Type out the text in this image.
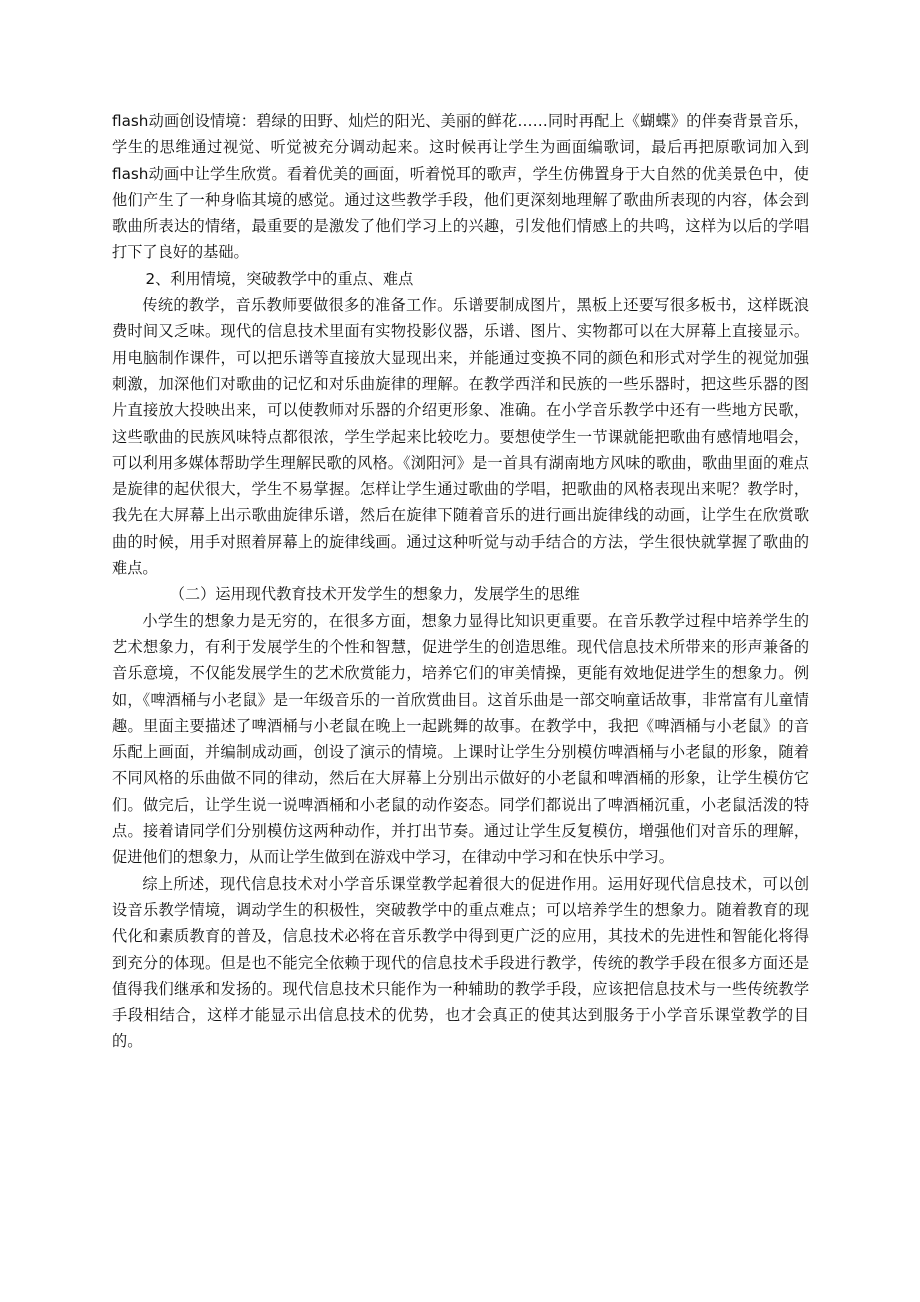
flash动画创设情境：碧绿的田野、灿烂的阳光、美丽的鲜花……同时再配上《蝴蝶》的伴奏背景音乐，学生的思维通过视觉、听觉被充分调动起来。这时候再让学生为画面编歌词，最后再把原歌词加入到flash动画中让学生欣赏。看着优美的画面，听着悦耳的歌声，学生仿佛置身于大自然的优美景色中，使他们产生了一种身临其境的感觉。通过这些教学手段，他们更深刻地理解了歌曲所表现的内容，体会到歌曲所表达的情绪，最重要的是激发了他们学习上的兴趣，引发他们情感上的共鸣，这样为以后的学唱打下了良好的基础。

2、利用情境，突破教学中的重点、难点

传统的教学，音乐教师要做很多的准备工作。乐谱要制成图片，黑板上还要写很多板书，这样既浪费时间又乏味。现代的信息技术里面有实物投影仪器，乐谱、图片、实物都可以在大屏幕上直接显示。用电脑制作课件，可以把乐谱等直接放大显现出来，并能通过变换不同的颜色和形式对学生的视觉加强刺激，加深他们对歌曲的记忆和对乐曲旋律的理解。在教学西洋和民族的一些乐器时，把这些乐器的图片直接放大投映出来，可以使教师对乐器的介绍更形象、准确。在小学音乐教学中还有一些地方民歌，这些歌曲的民族风味特点都很浓，学生学起来比较吃力。要想使学生一节课就能把歌曲有感情地唱会，可以利用多媒体帮助学生理解民歌的风格。《浏阳河》是一首具有湖南地方风味的歌曲，歌曲里面的难点是旋律的起伏很大，学生不易掌握。怎样让学生通过歌曲的学唱，把歌曲的风格表现出来呢？教学时，我先在大屏幕上出示歌曲旋律乐谱，然后在旋律下随着音乐的进行画出旋律线的动画，让学生在欣赏歌曲的时候，用手对照着屏幕上的旋律线画。通过这种听觉与动手结合的方法，学生很快就掌握了歌曲的难点。

（二）运用现代教育技术开发学生的想象力，发展学生的思维

小学生的想象力是无穷的，在很多方面，想象力显得比知识更重要。在音乐教学过程中培养学生的艺术想象力，有利于发展学生的个性和智慧，促进学生的创造思维。现代信息技术所带来的形声兼备的音乐意境，不仅能发展学生的艺术欣赏能力，培养它们的审美情操，更能有效地促进学生的想象力。例如，《啤酒桶与小老鼠》是一年级音乐的一首欣赏曲目。这首乐曲是一部交响童话故事，非常富有儿童情趣。里面主要描述了啤酒桶与小老鼠在晚上一起跳舞的故事。在教学中，我把《啤酒桶与小老鼠》的音乐配上画面，并编制成动画，创设了演示的情境。上课时让学生分别模仿啤酒桶与小老鼠的形象，随着不同风格的乐曲做不同的律动，然后在大屏幕上分别出示做好的小老鼠和啤酒桶的形象，让学生模仿它们。做完后，让学生说一说啤酒桶和小老鼠的动作姿态。同学们都说出了啤酒桶沉重，小老鼠活泼的特点。接着请同学们分别模仿这两种动作，并打出节奏。通过让学生反复模仿，增强他们对音乐的理解，促进他们的想象力，从而让学生做到在游戏中学习，在律动中学习和在快乐中学习。

综上所述，现代信息技术对小学音乐课堂教学起着很大的促进作用。运用好现代信息技术，可以创设音乐教学情境，调动学生的积极性，突破教学中的重点难点；可以培养学生的想象力。随着教育的现代化和素质教育的普及，信息技术必将在音乐教学中得到更广泛的应用，其技术的先进性和智能化将得到充分的体现。但是也不能完全依赖于现代的信息技术手段进行教学，传统的教学手段在很多方面还是值得我们继承和发扬的。现代信息技术只能作为一种辅助的教学手段，应该把信息技术与一些传统教学手段相结合，这样才能显示出信息技术的优势，也才会真正的使其达到服务于小学音乐课堂教学的目的。
